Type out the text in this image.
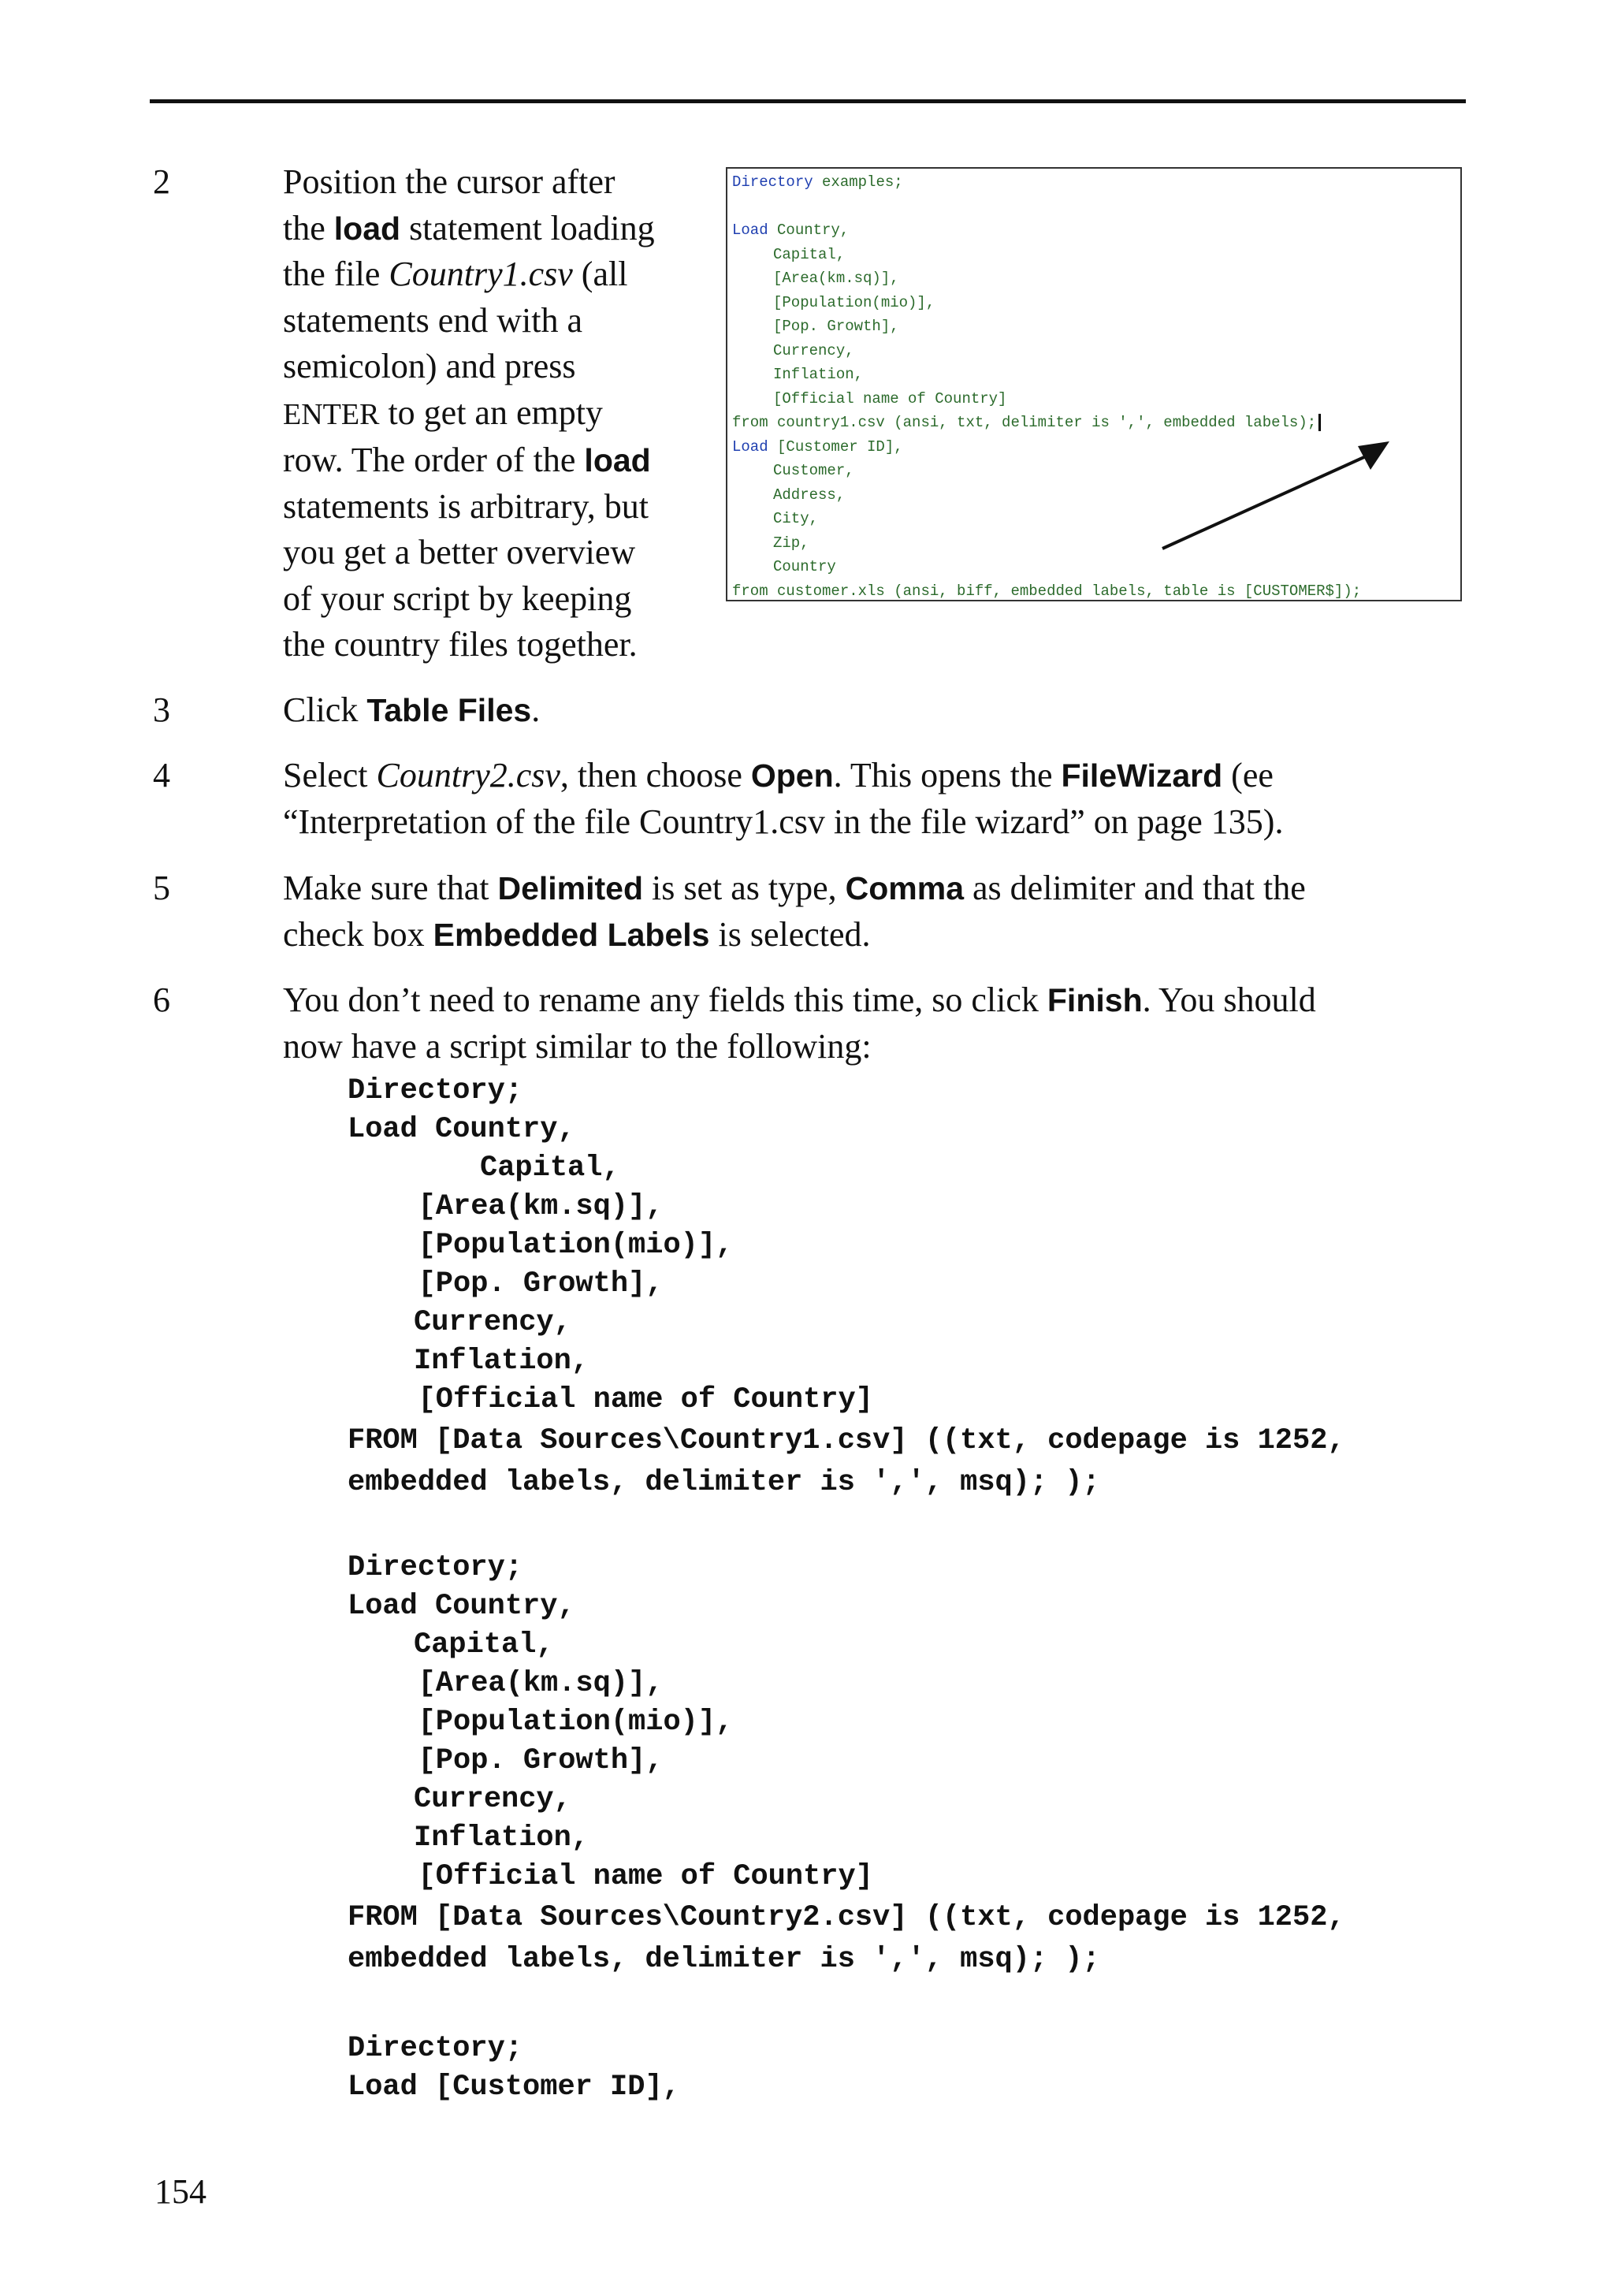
2	Position the cursor after
the load statement loading
the file Country1.csv (all
statements end with a
semicolon) and press
ENTER to get an empty
row. The order of the load
statements is arbitrary, but
you get a better overview
of your script by keeping
the country files together.
3	Click Table Files.
4	Select Country2.csv, then choose Open. This opens the FileWizard (ee
“Interpretation of the file Country1.csv in the file wizard” on page 135).
5	Make sure that Delimited is set as type, Comma as delimiter and that the
check box Embedded Labels is selected.
6	You don’t need to rename any fields this time, so click Finish. You should
now have a script similar to the following:
Directory examples;
Load Country,
Capital,
[Area(km.sq)],
[Population(mio)],
[Pop. Growth],
Currency,
Inflation,
[Official name of Country]
from country1.csv (ansi, txt, delimiter is ',', embedded labels);
Load [Customer ID],
Customer,
Address,
City,
Zip,
Country
from customer.xls (ansi, biff, embedded labels, table is [CUSTOMER$]);
Directory;
Load Country,
Capital,
[Area(km.sq)],
[Population(mio)],
[Pop. Growth],
Currency,
Inflation,
[Official name of Country]
FROM [Data Sources\Country1.csv] ((txt, codepage is 1252,
embedded labels, delimiter is ',', msq); );
Directory;
Load Country,
Capital,
[Area(km.sq)],
[Population(mio)],
[Pop. Growth],
Currency,
Inflation,
[Official name of Country]
FROM [Data Sources\Country2.csv] ((txt, codepage is 1252,
embedded labels, delimiter is ',', msq); );
Directory;
Load [Customer ID],
154
